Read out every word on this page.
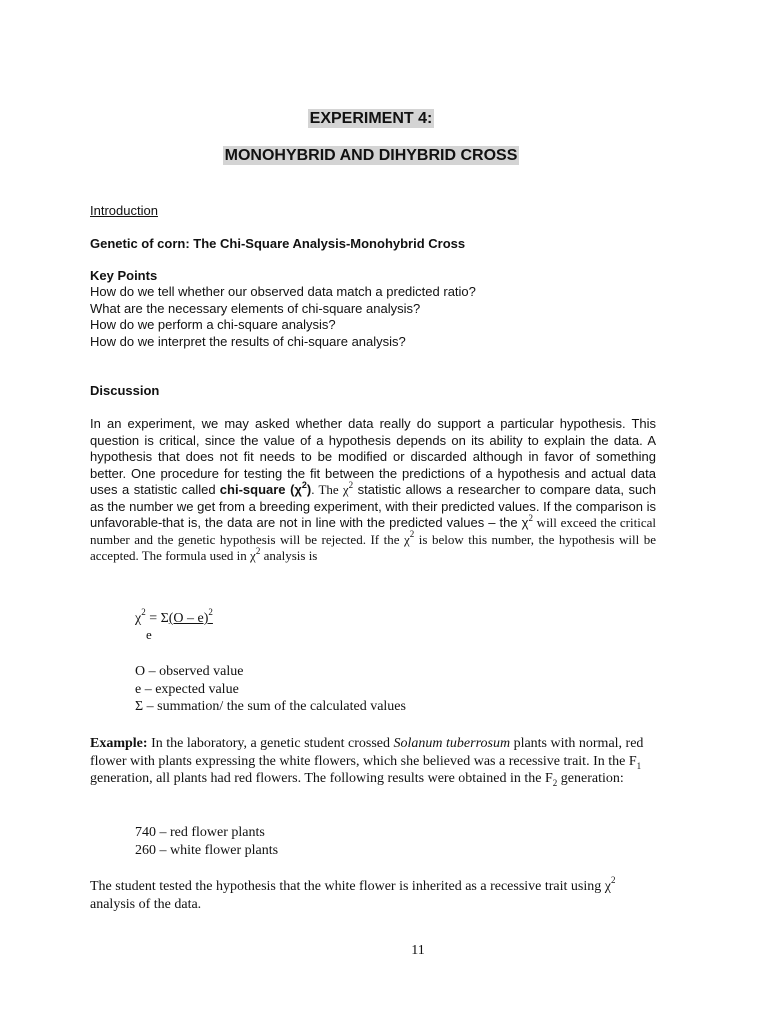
EXPERIMENT 4:
MONOHYBRID AND DIHYBRID CROSS

Introduction

Genetic of corn: The Chi-Square Analysis-Monohybrid Cross

Key Points

How do we tell whether our observed data match a predicted ratio?
What are the necessary elements of chi-square analysis?
How do we perform a chi-square analysis?
How do we interpret the results of chi-square analysis?

Discussion

In an experiment, we may asked whether data really do support a particular hypothesis. This question is critical, since the value of a hypothesis depends on its ability to explain the data. A hypothesis that does not fit needs to be modified or discarded although in favor of something better. One procedure for testing the fit between the predictions of a hypothesis and actual data uses a statistic called chi-square $(\chi^2)$. The $\chi^2$ statistic allows a researcher to compare data, such as the number we get from a breeding experiment, with their predicted values. If the comparison is unfavorable-that is, the data are not in line with the predicted values – the $\chi^2$ will exceed the critical number and the genetic hypothesis will be rejected. If the $\chi^2$ is below this number, the hypothesis will be accepted. The formula used in $\chi^2$ analysis is
$\chi^2 = \Sigma(O - e)^2$
e
O – observed value
e – expected value
Σ – summation/ the sum of the calculated values
Example: In the laboratory, a genetic student crossed Solanum tuberrosum plants with normal, red flower with plants expressing the white flowers, which she believed was a recessive trait. In the $F_1$ generation, all plants had red flowers. The following results were obtained in the $F_2$ generation:
740 – red flower plants
260 – white flower plants
The student tested the hypothesis that the white flower is inherited as a recessive trait using $\chi^2$ analysis of the data.
11
